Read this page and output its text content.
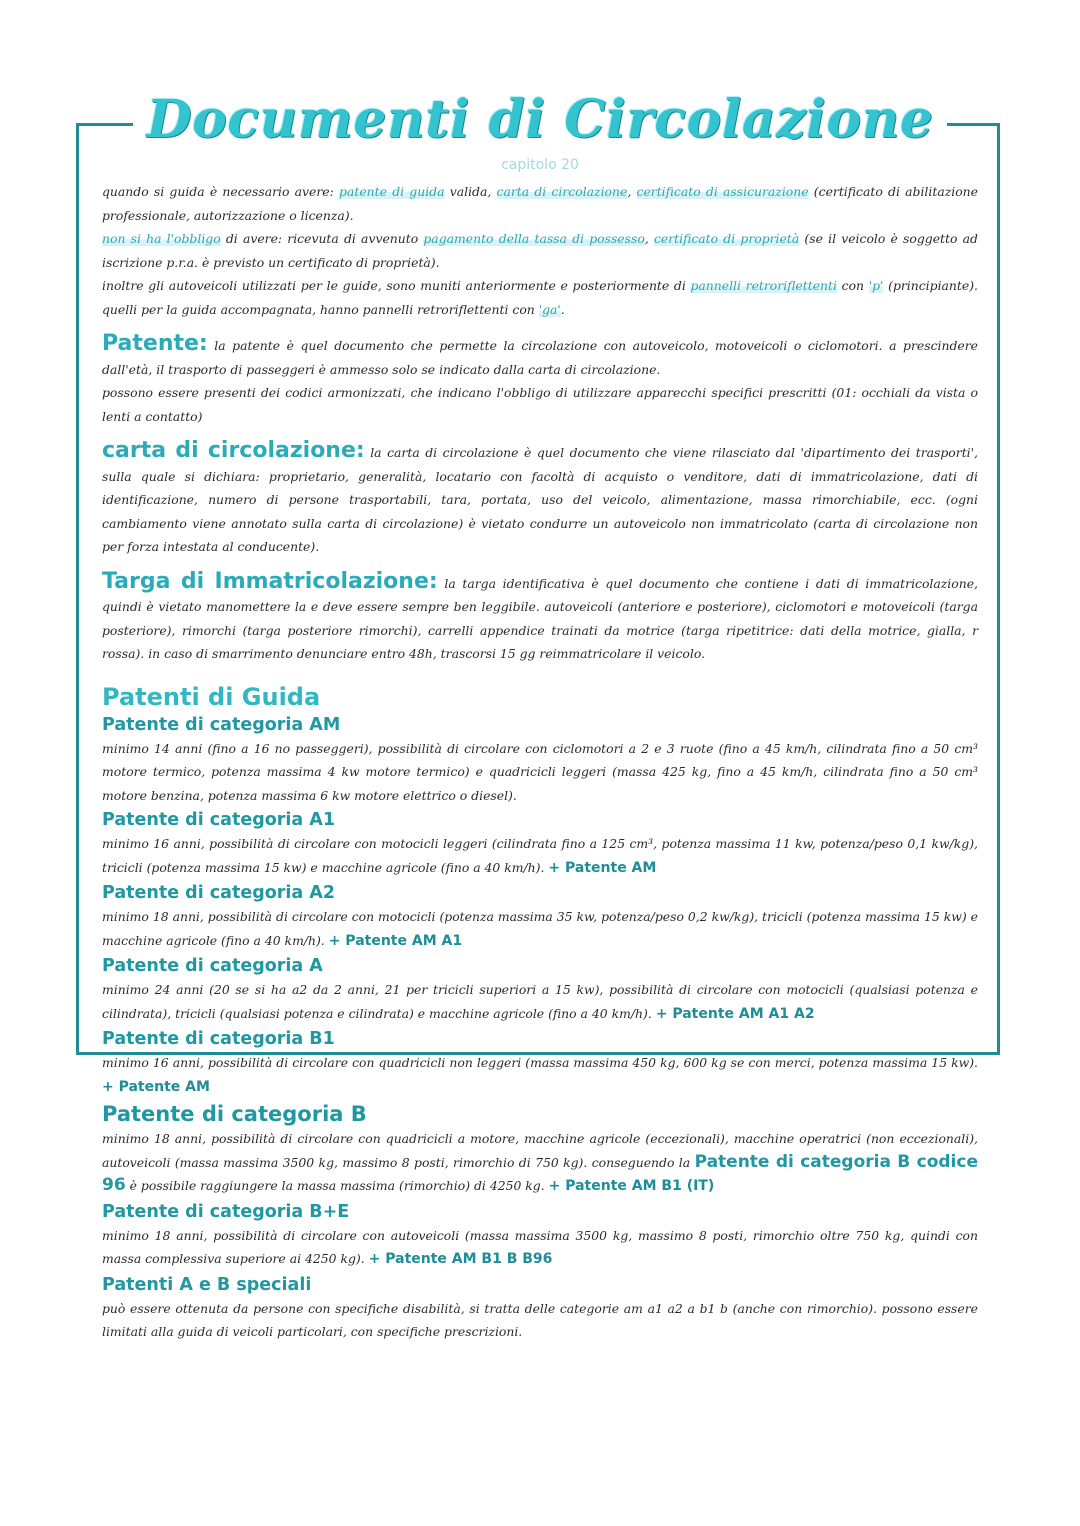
Documenti di Circolazione
capitolo 20

quando si guida è necessario avere: patente di guida valida, carta di circolazione, certificato di assicurazione (certificato di abilitazione professionale, autorizzazione o licenza).

non si ha l'obbligo di avere: ricevuta di avvenuto pagamento della tassa di possesso, certificato di proprietà (se il veicolo è soggetto ad iscrizione p.r.a. è previsto un certificato di proprietà).

inoltre gli autoveicoli utilizzati per le guide, sono muniti anteriormente e posteriormente di pannelli retroriflettenti con 'p' (principiante). quelli per la guida accompagnata, hanno pannelli retroriflettenti con 'ga'.

Patente: la patente è quel documento che permette la circolazione con autoveicolo, motoveicoli o ciclomotori. a prescindere dall'età, il trasporto di passeggeri è ammesso solo se indicato dalla carta di circolazione.

possono essere presenti dei codici armonizzati, che indicano l'obbligo di utilizzare apparecchi specifici prescritti (01: occhiali da vista o lenti a contatto)

carta di circolazione: la carta di circolazione è quel documento che viene rilasciato dal 'dipartimento dei trasporti', sulla quale si dichiara: proprietario, generalità, locatario con facoltà di acquisto o venditore, dati di immatricolazione, dati di identificazione, numero di persone trasportabili, tara, portata, uso del veicolo, alimentazione, massa rimorchiabile, ecc. (ogni cambiamento viene annotato sulla carta di circolazione) è vietato condurre un autoveicolo non immatricolato (carta di circolazione non per forza intestata al conducente).

Targa di Immatricolazione: la targa identificativa è quel documento che contiene i dati di immatricolazione, quindi è vietato manomettere la e deve essere sempre ben leggibile. autoveicoli (anteriore e posteriore), ciclomotori e motoveicoli (targa posteriore), rimorchi (targa posteriore rimorchi), carrelli appendice trainati da motrice (targa ripetitrice: dati della motrice, gialla, r rossa). in caso di smarrimento denunciare entro 48h, trascorsi 15 gg reimmatricolare il veicolo.

Patenti di Guida
Patente di categoria AM

minimo 14 anni (fino a 16 no passeggeri), possibilità di circolare con ciclomotori a 2 e 3 ruote (fino a 45 km/h, cilindrata fino a 50 cm³ motore termico, potenza massima 4 kw motore termico) e quadricicli leggeri (massa 425 kg, fino a 45 km/h, cilindrata fino a 50 cm³ motore benzina, potenza massima 6 kw motore elettrico o diesel).

Patente di categoria A1

minimo 16 anni, possibilità di circolare con motocicli leggeri (cilindrata fino a 125 cm³, potenza massima 11 kw, potenza/peso 0,1 kw/kg), tricicli (potenza massima 15 kw) e macchine agricole (fino a 40 km/h). + Patente AM

Patente di categoria A2

minimo 18 anni, possibilità di circolare con motocicli (potenza massima 35 kw, potenza/peso 0,2 kw/kg), tricicli (potenza massima 15 kw) e macchine agricole (fino a 40 km/h). + Patente AM A1

Patente di categoria A

minimo 24 anni (20 se si ha a2 da 2 anni, 21 per tricicli superiori a 15 kw), possibilità di circolare con motocicli (qualsiasi potenza e cilindrata), tricicli (qualsiasi potenza e cilindrata) e macchine agricole (fino a 40 km/h). + Patente AM A1 A2

Patente di categoria B1

minimo 16 anni, possibilità di circolare con quadricicli non leggeri (massa massima 450 kg, 600 kg se con merci, potenza massima 15 kw). + Patente AM

Patente di categoria B

minimo 18 anni, possibilità di circolare con quadricicli a motore, macchine agricole (eccezionali), macchine operatrici (non eccezionali), autoveicoli (massa massima 3500 kg, massimo 8 posti, rimorchio di 750 kg). conseguendo la Patente di categoria B codice 96 è possibile raggiungere la massa massima (rimorchio) di 4250 kg. + Patente AM B1 (IT)

Patente di categoria B+E

minimo 18 anni, possibilità di circolare con autoveicoli (massa massima 3500 kg, massimo 8 posti, rimorchio oltre 750 kg, quindi con massa complessiva superiore ai 4250 kg). + Patente AM B1 B B96

Patenti A e B speciali

può essere ottenuta da persone con specifiche disabilità, si tratta delle categorie am a1 a2 a b1 b (anche con rimorchio). possono essere limitati alla guida di veicoli particolari, con specifiche prescrizioni.
